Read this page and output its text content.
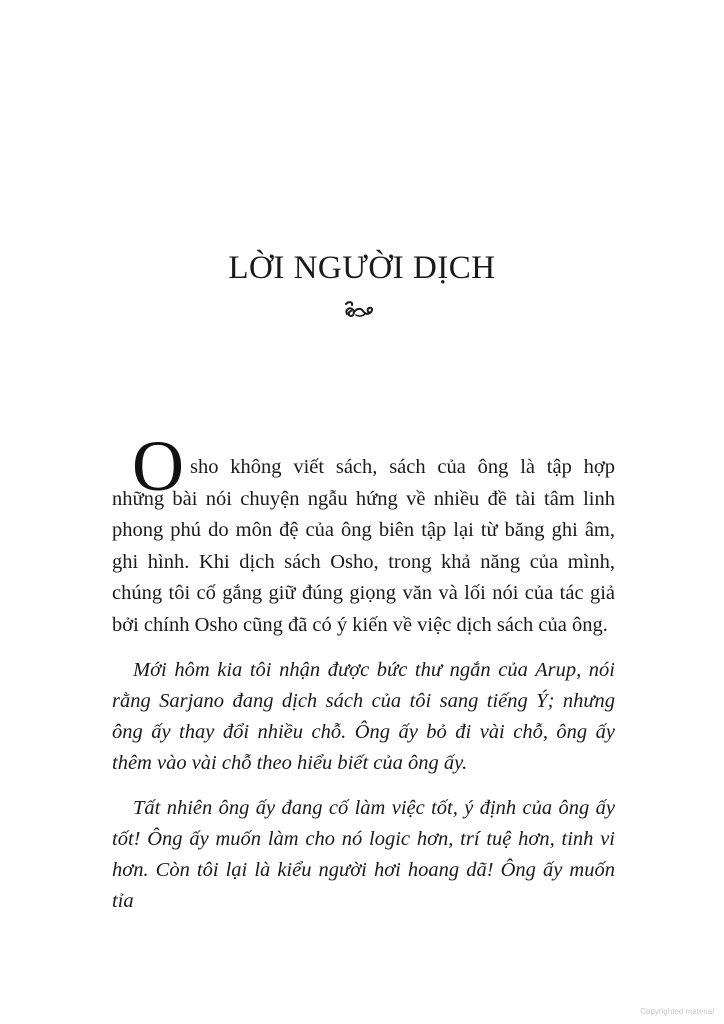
LỜI NGƯỜI DỊCH

O sho không viết sách, sách của ông là tập hợp
những bài nói chuyện ngẫu hứng về nhiều đề tài tâm linh phong phú do môn đệ của ông biên tập lại từ băng ghi âm, ghi hình. Khi dịch sách Osho, trong khả năng của mình, chúng tôi cố gắng giữ đúng giọng văn và lối nói của tác giả bởi chính Osho cũng đã có ý kiến về việc dịch sách của ông.

Mới hôm kia tôi nhận được bức thư ngắn của Arup, nói rằng Sarjano đang dịch sách của tôi sang tiếng Ý; nhưng ông ấy thay đổi nhiều chỗ. Ông ấy bỏ đi vài chỗ, ông ấy thêm vào vài chỗ theo hiểu biết của ông ấy.

Tất nhiên ông ấy đang cố làm việc tốt, ý định của ông ấy tốt! Ông ấy muốn làm cho nó logic hơn, trí tuệ hơn, tinh vi hơn. Còn tôi lại là kiểu người hơi hoang dã! Ông ấy muốn tỉa

Copyrighted material
